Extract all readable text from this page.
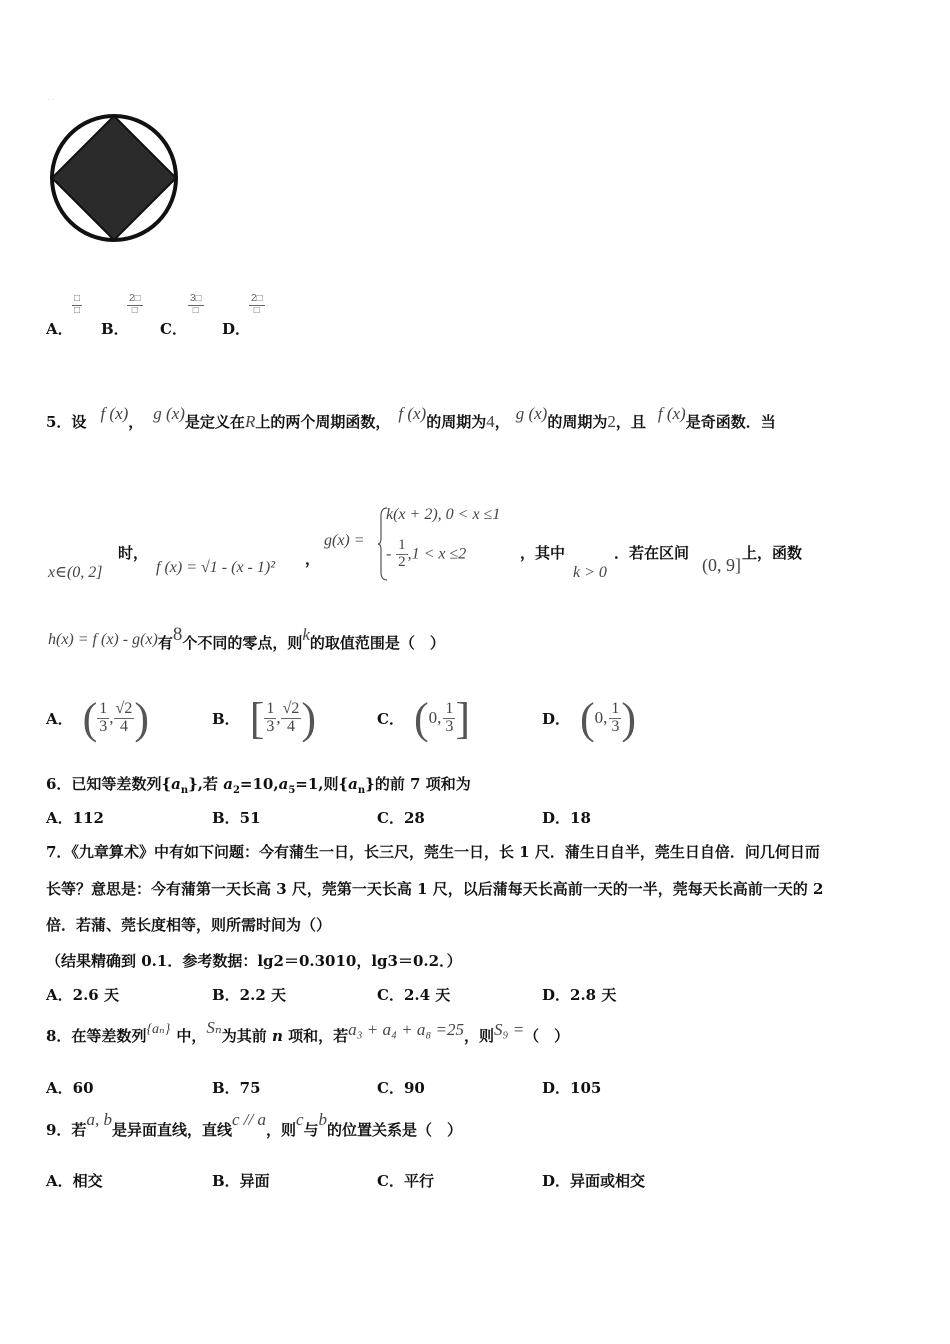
· ·
A．
$\frac{□}{□}$
B．
$\frac{2□}{□}$
C．
$\frac{3□}{□}$
D．
$\frac{2□}{□}$
5．设 f (x)， g (x)是定义在R上的两个周期函数， f (x)的周期为4， g (x)的周期为2，且 f (x)是奇函数．当
x∈(0, 2]
时，
f (x) = √1 - (x - 1)² ，
g(x) =
k(x + 2), 0 < x ≤1
- $\frac{1}{2} ,1 < x \le 2$	，其中
k > 0
．若在区间
(0, 9]
上，函数
h(x) = f (x) - g(x)有8个不同的零点，则k的取值范围是（　）
A． ( $\frac{1}{3}$ , $\frac{√2}{4}$ )	B． [ $\frac{1}{3}$ , $\frac{√2}{4}$ )	C． ( 0, $\frac{1}{3}$ ]	D． ( 0, $\frac{1}{3}$ )
6．已知等差数列$\{a_n\}$,若 $a_2=10,a_5=1$,则$\{a_n\}$的前 7 项和为
A．112	B．51	C．28	D．18
7．《九章算术》中有如下问题：今有蒲生一日，长三尺，莞生一日，长 1 尺．蒲生日自半，莞生日自倍．问几何日而
长等？意思是：今有蒲第一天长高 3 尺，莞第一天长高 1 尺，以后蒲每天长高前一天的一半，莞每天长高前一天的 2
倍．若蒲、莞长度相等，则所需时间为（）
（结果精确到 0.1．参考数据：lg2＝0.3010，lg3＝0.2．）
A．2.6 天	B．2.2 天	C．2.4 天	D．2.8 天
8．在等差数列{aₙ} 中，Sₙ为其前 n 项和，若a₃ + a₄ + a₈ =25，则S₉ =（　）
A．60	B．75	C．90	D．105
9．若a, b是异面直线，直线c // a，则c与b的位置关系是（　）
A．相交	B．异面	C．平行	D．异面或相交
